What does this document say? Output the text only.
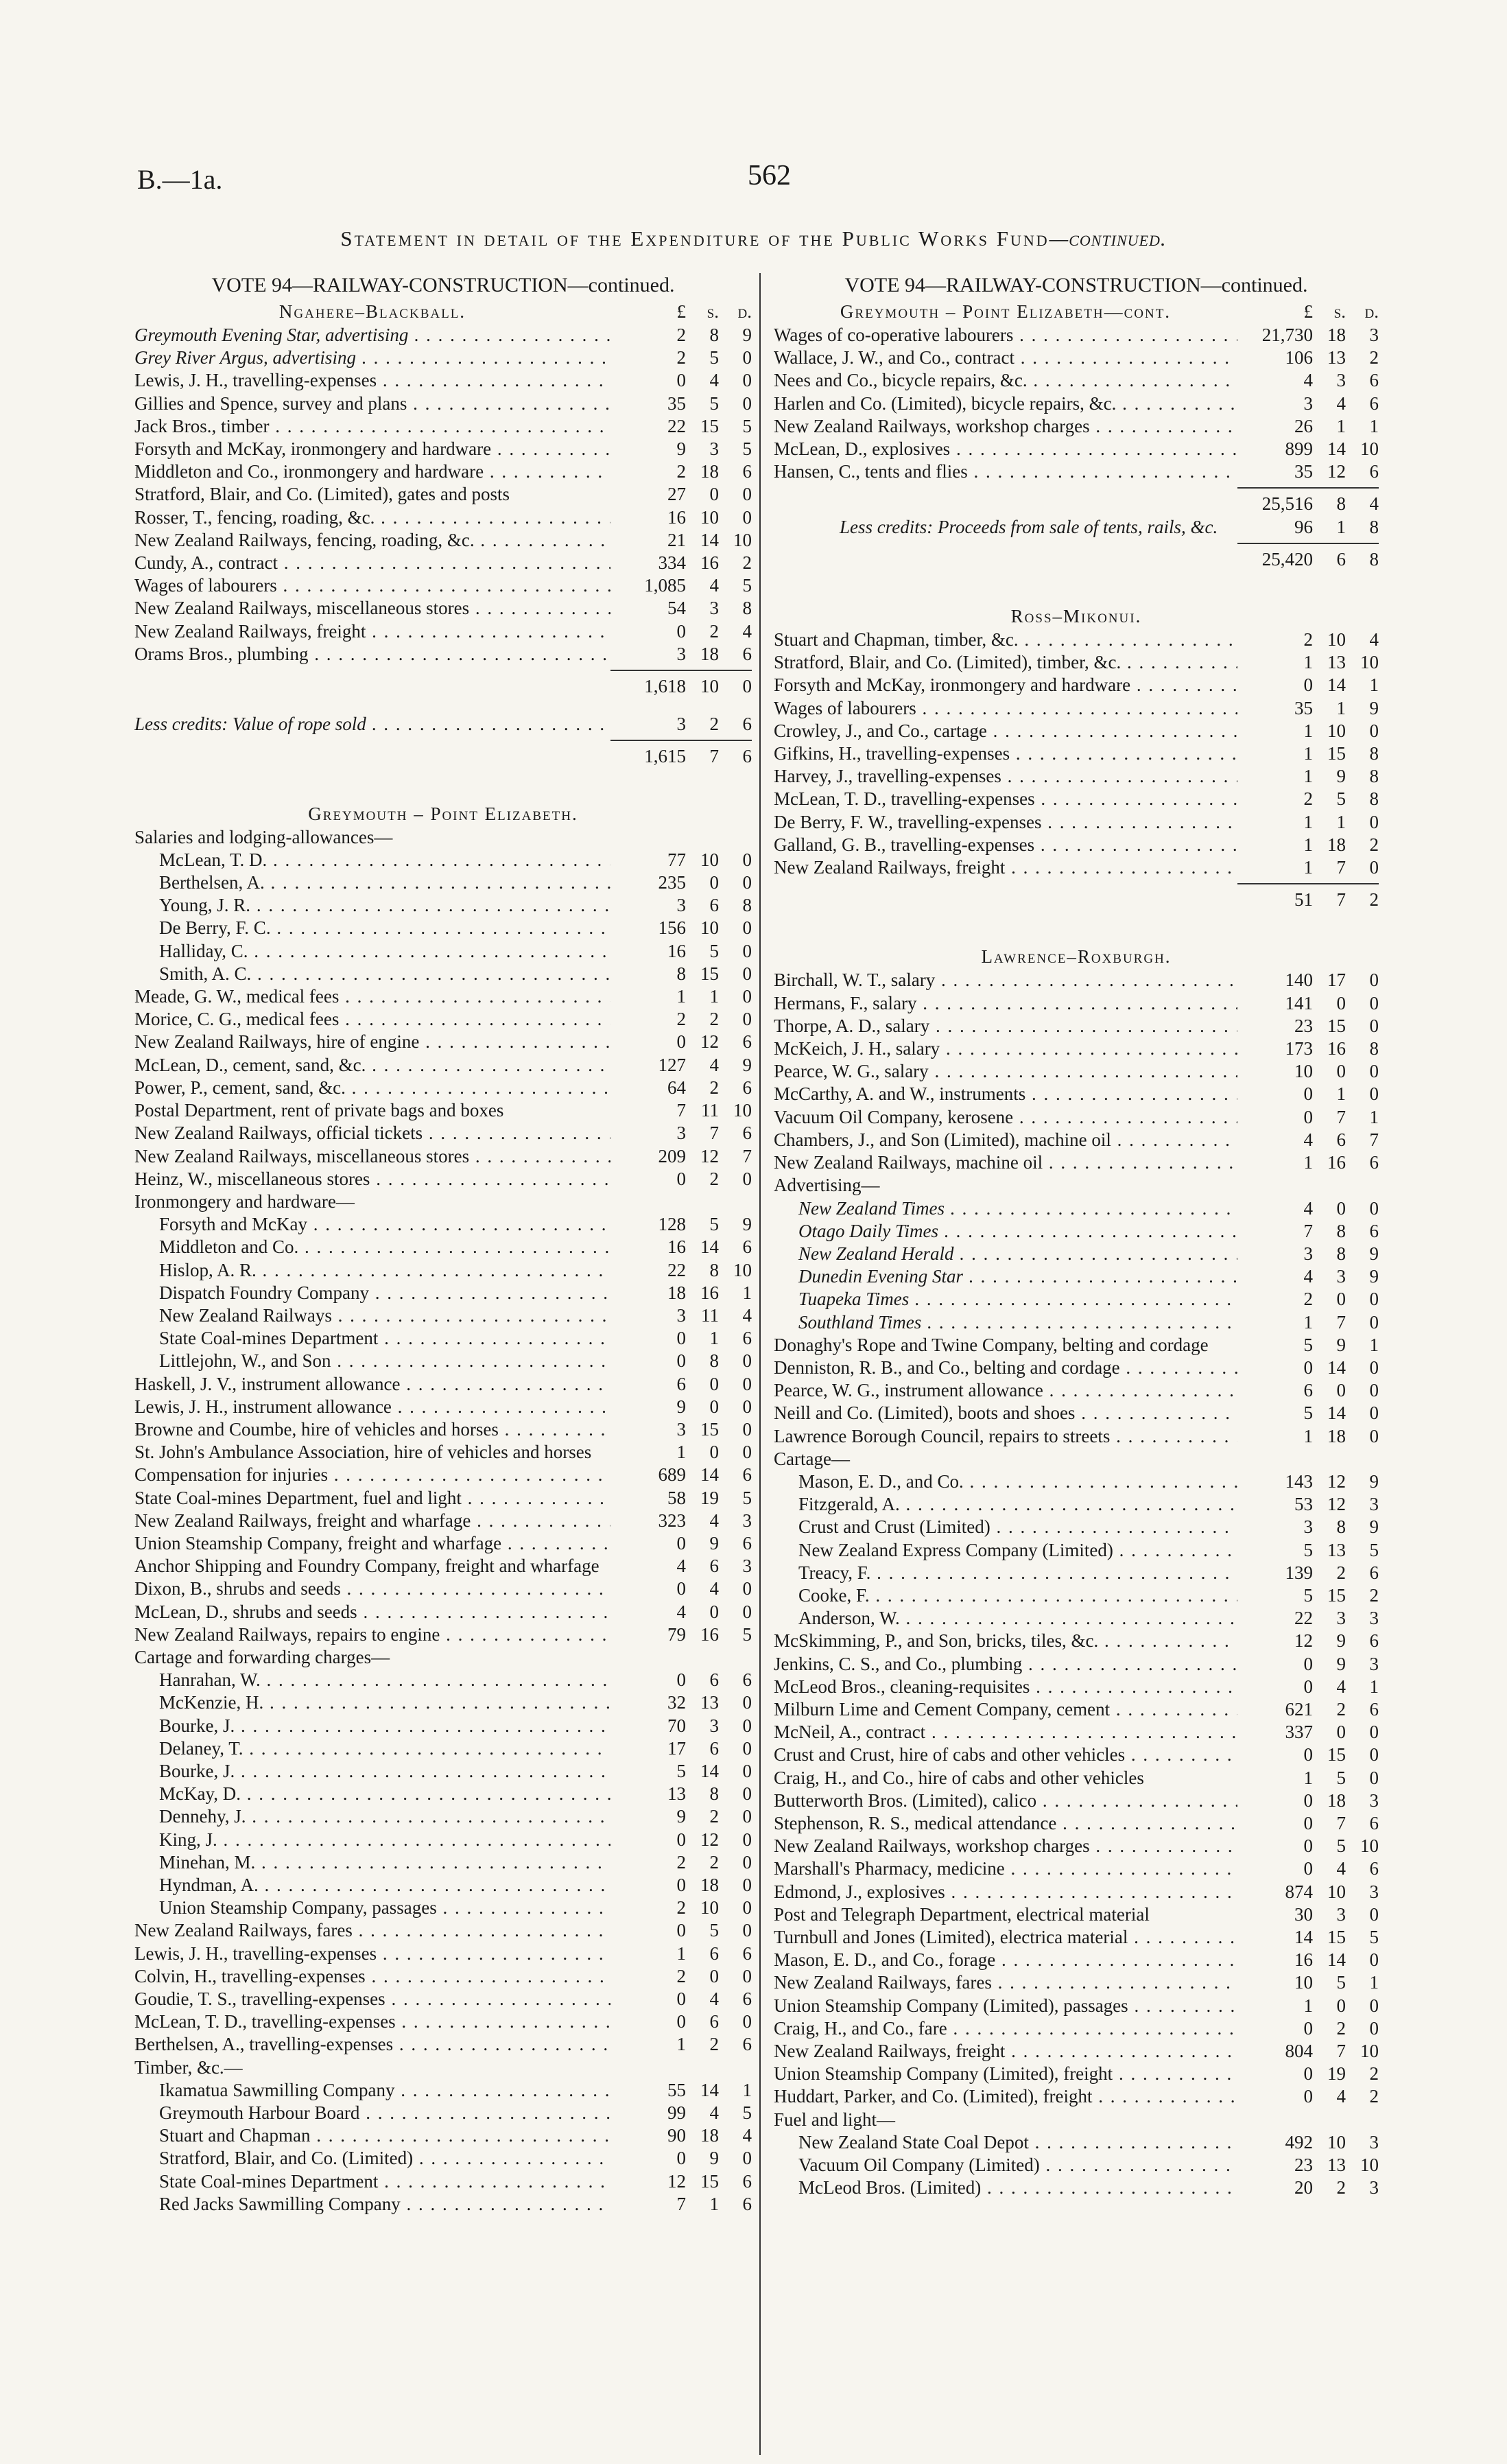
B.—1a.	562
Statement in detail of the Expenditure of the Public Works Fund—continued.
VOTE 94—RAILWAY-CONSTRUCTION—continued.
Ngahere–Blackball.	£	s.	d.
Greymouth Evening Star, advertising . . .	2	8	9
Grey River Argus, advertising . . .	2	5	0
Lewis, J. H., travelling-expenses . . .	0	4	0
Gillies and Spence, survey and plans . . .	35	5	0
Jack Bros., timber . . .	22 15	5
Forsyth and McKay, ironmongery and hardware . . .	9	3	5
Middleton and Co., ironmongery and hardware . . .	2 18	6
Stratford, Blair, and Co. (Limited), gates and posts	27	0	0
Rosser, T., fencing, roading, &c. . . .	16 10	0
New Zealand Railways, fencing, roading, &c. . . .	21 14 10
Cundy, A., contract . . .	334 16	2
Wages of labourers . . .	1,085	4	5
New Zealand Railways, miscellaneous stores . . .	54	3	8
New Zealand Railways, freight . . .	0	2	4
Orams Bros., plumbing . . .	3 18	6
1,618 10	0
Less credits: Value of rope sold . . .	3	2	6
1,615	7	6
Greymouth – Point Elizabeth.
Salaries and lodging-allowances—
McLean, T. D. . . .	77 10	0
Berthelsen, A. . . .	235	0	0
Young, J. R. . . .	3	6	8
De Berry, F. C. . . .	156 10	0
Halliday, C. . . .	16	5	0
Smith, A. C. . . .	8 15	0
Meade, G. W., medical fees . . .	1	1	0
Morice, C. G., medical fees . . .	2	2	0
New Zealand Railways, hire of engine . . .	0 12	6
McLean, D., cement, sand, &c. . . .	127	4	9
Power, P., cement, sand, &c. . . .	64	2	6
Postal Department, rent of private bags and boxes	7 11 10
New Zealand Railways, official tickets . . .	3	7	6
New Zealand Railways, miscellaneous stores . . .	209 12	7
Heinz, W., miscellaneous stores . . .	0	2	0
Ironmongery and hardware—
Forsyth and McKay . . .	128	5	9
Middleton and Co. . . .	16 14	6
Hislop, A. R. . . .	22	8 10
Dispatch Foundry Company . . .	18 16	1
New Zealand Railways . . .	3 11	4
State Coal-mines Department . . .	0	1	6
Littlejohn, W., and Son . . .	0	8	0
Haskell, J. V., instrument allowance . . .	6	0	0
Lewis, J. H., instrument allowance . . .	9	0	0
Browne and Coumbe, hire of vehicles and horses . . .	3 15	0
St. John's Ambulance Association, hire of vehicles and horses	1	0	0
Compensation for injuries . . .	689 14	6
State Coal-mines Department, fuel and light . . .	58 19	5
New Zealand Railways, freight and wharfage . . .	323	4	3
Union Steamship Company, freight and wharfage . . .	0	9	6
Anchor Shipping and Foundry Company, freight and wharfage	4	6	3
Dixon, B., shrubs and seeds . . .	0	4	0
McLean, D., shrubs and seeds . . .	4	0	0
New Zealand Railways, repairs to engine . . .	79 16	5
Cartage and forwarding charges—
Hanrahan, W. . . .	0	6	6
McKenzie, H. . . .	32 13	0
Bourke, J. . . .	70	3	0
Delaney, T. . . .	17	6	0
Bourke, J. . . .	5 14	0
McKay, D. . . .	13	8	0
Dennehy, J. . . .	9	2	0
King, J. . . .	0 12	0
Minehan, M. . . .	2	2	0
Hyndman, A. . . .	0 18	0
Union Steamship Company, passages . . .	2 10	0
New Zealand Railways, fares . . .	0	5	0
Lewis, J. H., travelling-expenses . . .	1	6	6
Colvin, H., travelling-expenses . . .	2	0	0
Goudie, T. S., travelling-expenses . . .	0	4	6
McLean, T. D., travelling-expenses . . .	0	6	0
Berthelsen, A., travelling-expenses . . .	1	2	6
Timber, &c.—
Ikamatua Sawmilling Company . . .	55 14	1
Greymouth Harbour Board . . .	99	4	5
Stuart and Chapman . . .	90 18	4
Stratford, Blair, and Co. (Limited) . . .	0	9	0
State Coal-mines Department . . .	12 15	6
Red Jacks Sawmilling Company . . .	7	1	6
VOTE 94—RAILWAY-CONSTRUCTION—continued.
Greymouth – Point Elizabeth—cont.	£	s.	d.
Wages of co-operative labourers . . .	21,730 18	3
Wallace, J. W., and Co., contract . . .	106 13	2
Nees and Co., bicycle repairs, &c. . . .	4	3	6
Harlen and Co. (Limited), bicycle repairs, &c. . . .	3	4	6
New Zealand Railways, workshop charges . . .	26	1	1
McLean, D., explosives . . .	899 14 10
Hansen, C., tents and flies . . .	35 12	6
25,516	8	4
Less credits: Proceeds from sale of tents, rails, &c.	96	1	8
25,420	6	8
Ross–Mikonui.
Stuart and Chapman, timber, &c. . . .	2 10	4
Stratford, Blair, and Co. (Limited), timber, &c. . . .	1 13 10
Forsyth and McKay, ironmongery and hardware . . .	0 14	1
Wages of labourers . . .	35	1	9
Crowley, J., and Co., cartage . . .	1 10	0
Gifkins, H., travelling-expenses . . .	1 15	8
Harvey, J., travelling-expenses . . .	1	9	8
McLean, T. D., travelling-expenses . . .	2	5	8
De Berry, F. W., travelling-expenses . . .	1	1	0
Galland, G. B., travelling-expenses . . .	1 18	2
New Zealand Railways, freight . . .	1	7	0
51	7	2
Lawrence–Roxburgh.
Birchall, W. T., salary . . .	140 17	0
Hermans, F., salary . . .	141	0	0
Thorpe, A. D., salary . . .	23 15	0
McKeich, J. H., salary . . .	173 16	8
Pearce, W. G., salary . . .	10	0	0
McCarthy, A. and W., instruments . . .	0	1	0
Vacuum Oil Company, kerosene . . .	0	7	1
Chambers, J., and Son (Limited), machine oil . . .	4	6	7
New Zealand Railways, machine oil . . .	1 16	6
Advertising—
New Zealand Times . . .	4	0	0
Otago Daily Times . . .	7	8	6
New Zealand Herald . . .	3	8	9
Dunedin Evening Star . . .	4	3	9
Tuapeka Times . . .	2	0	0
Southland Times . . .	1	7	0
Donaghy's Rope and Twine Company, belting and cordage	5	9	1
Denniston, R. B., and Co., belting and cordage . . .	0 14	0
Pearce, W. G., instrument allowance . . .	6	0	0
Neill and Co. (Limited), boots and shoes . . .	5 14	0
Lawrence Borough Council, repairs to streets . . .	1 18	0
Cartage—
Mason, E. D., and Co. . . .	143 12	9
Fitzgerald, A. . . .	53 12	3
Crust and Crust (Limited) . . .	3	8	9
New Zealand Express Company (Limited) . . .	5 13	5
Treacy, F. . . .	139	2	6
Cooke, F. . . .	5 15	2
Anderson, W. . . .	22	3	3
McSkimming, P., and Son, bricks, tiles, &c. . . .	12	9	6
Jenkins, C. S., and Co., plumbing . . .	0	9	3
McLeod Bros., cleaning-requisites . . .	0	4	1
Milburn Lime and Cement Company, cement . . .	621	2	6
McNeil, A., contract . . .	337	0	0
Crust and Crust, hire of cabs and other vehicles . . .	0 15	0
Craig, H., and Co., hire of cabs and other vehicles	1	5	0
Butterworth Bros. (Limited), calico . . .	0 18	3
Stephenson, R. S., medical attendance . . .	0	7	6
New Zealand Railways, workshop charges . . .	0	5 10
Marshall's Pharmacy, medicine . . .	0	4	6
Edmond, J., explosives . . .	874 10	3
Post and Telegraph Department, electrical material	30	3	0
Turnbull and Jones (Limited), electrica material . . .	14 15	5
Mason, E. D., and Co., forage . . .	16 14	0
New Zealand Railways, fares . . .	10	5	1
Union Steamship Company (Limited), passages . . .	1	0	0
Craig, H., and Co., fare . . .	0	2	0
New Zealand Railways, freight . . .	804	7 10
Union Steamship Company (Limited), freight . . .	0 19	2
Huddart, Parker, and Co. (Limited), freight . . .	0	4	2
Fuel and light—
New Zealand State Coal Depot . . .	492 10	3
Vacuum Oil Company (Limited) . . .	23 13 10
McLeod Bros. (Limited) . . .	20	2	3
